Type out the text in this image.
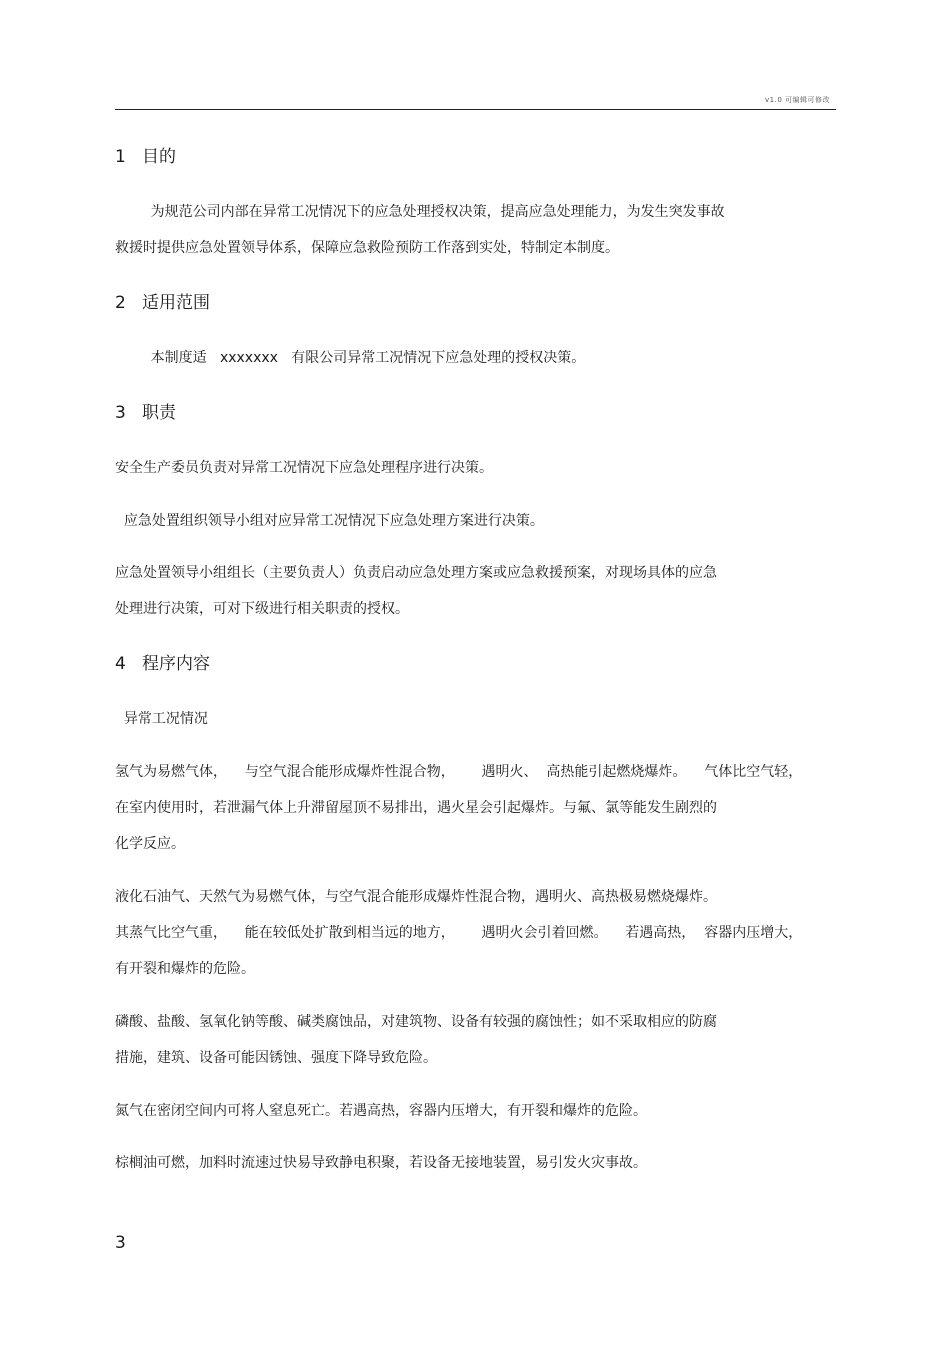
v1.0 可编辑可修改
1   目的
为规范公司内部在异常工况情况下的应急处理授权决策，提高应急处理能力，为发生突发事故
救援时提供应急处置领导体系，保障应急救险预防工作落到实处，特制定本制度。
2   适用范围
本制度适   xxxxxxx   有限公司异常工况情况下应急处理的授权决策。
3   职责
安全生产委员负责对异常工况情况下应急处理程序进行决策。
应急处置组织领导小组对应异常工况情况下应急处理方案进行决策。
应急处置领导小组组长（主要负责人）负责启动应急处理方案或应急救援预案，对现场具体的应急
处理进行决策，可对下级进行相关职责的授权。
4   程序内容
异常工况情况
氢气为易燃气体，    与空气混合能形成爆炸性混合物，      遇明火、  高热能引起燃烧爆炸。    气体比空气轻，
在室内使用时，若泄漏气体上升滞留屋顶不易排出，遇火星会引起爆炸。与氟、氯等能发生剧烈的
化学反应。
液化石油气、天然气为易燃气体，与空气混合能形成爆炸性混合物，遇明火、高热极易燃烧爆炸。
其蒸气比空气重，    能在较低处扩散到相当远的地方，      遇明火会引着回燃。    若遇高热，  容器内压增大，
有开裂和爆炸的危险。
磷酸、盐酸、氢氧化钠等酸、碱类腐蚀品，对建筑物、设备有较强的腐蚀性；如不采取相应的防腐
措施，建筑、设备可能因锈蚀、强度下降导致危险。
氮气在密闭空间内可将人窒息死亡。若遇高热，容器内压增大，有开裂和爆炸的危险。
棕榈油可燃，加料时流速过快易导致静电积聚，若设备无接地装置，易引发火灾事故。
3
